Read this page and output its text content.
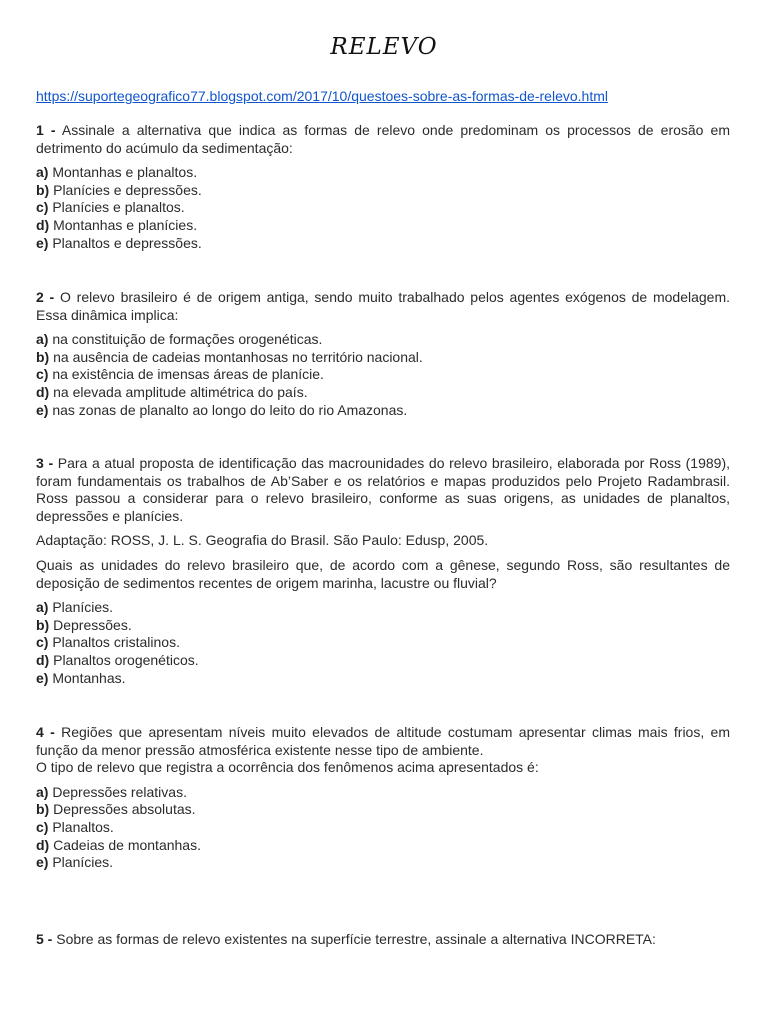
RELEVO
https://suportegeografico77.blogspot.com/2017/10/questoes-sobre-as-formas-de-relevo.html

1 - Assinale a alternativa que indica as formas de relevo onde predominam os processos de erosão em detrimento do acúmulo da sedimentação:

a) Montanhas e planaltos.
b) Planícies e depressões.
c) Planícies e planaltos.
d) Montanhas e planícies.
e) Planaltos e depressões.

2 - O relevo brasileiro é de origem antiga, sendo muito trabalhado pelos agentes exógenos de modelagem. Essa dinâmica implica:

a) na constituição de formações orogenéticas.
b) na ausência de cadeias montanhosas no território nacional.
c) na existência de imensas áreas de planície.
d) na elevada amplitude altimétrica do país.
e) nas zonas de planalto ao longo do leito do rio Amazonas.

3 - Para a atual proposta de identificação das macrounidades do relevo brasileiro, elaborada por Ross (1989), foram fundamentais os trabalhos de Ab’Saber e os relatórios e mapas produzidos pelo Projeto Radambrasil. Ross passou a considerar para o relevo brasileiro, conforme as suas origens, as unidades de planaltos, depressões e planícies.

Adaptação: ROSS, J. L. S. Geografia do Brasil. São Paulo: Edusp, 2005.

Quais as unidades do relevo brasileiro que, de acordo com a gênese, segundo Ross, são resultantes de deposição de sedimentos recentes de origem marinha, lacustre ou fluvial?

a) Planícies.
b) Depressões.
c) Planaltos cristalinos.
d) Planaltos orogenéticos.
e) Montanhas.

4 - Regiões que apresentam níveis muito elevados de altitude costumam apresentar climas mais frios, em função da menor pressão atmosférica existente nesse tipo de ambiente.
O tipo de relevo que registra a ocorrência dos fenômenos acima apresentados é:

a) Depressões relativas.
b) Depressões absolutas.
c) Planaltos.
d) Cadeias de montanhas.
e) Planícies.

5 - Sobre as formas de relevo existentes na superfície terrestre, assinale a alternativa INCORRETA:
